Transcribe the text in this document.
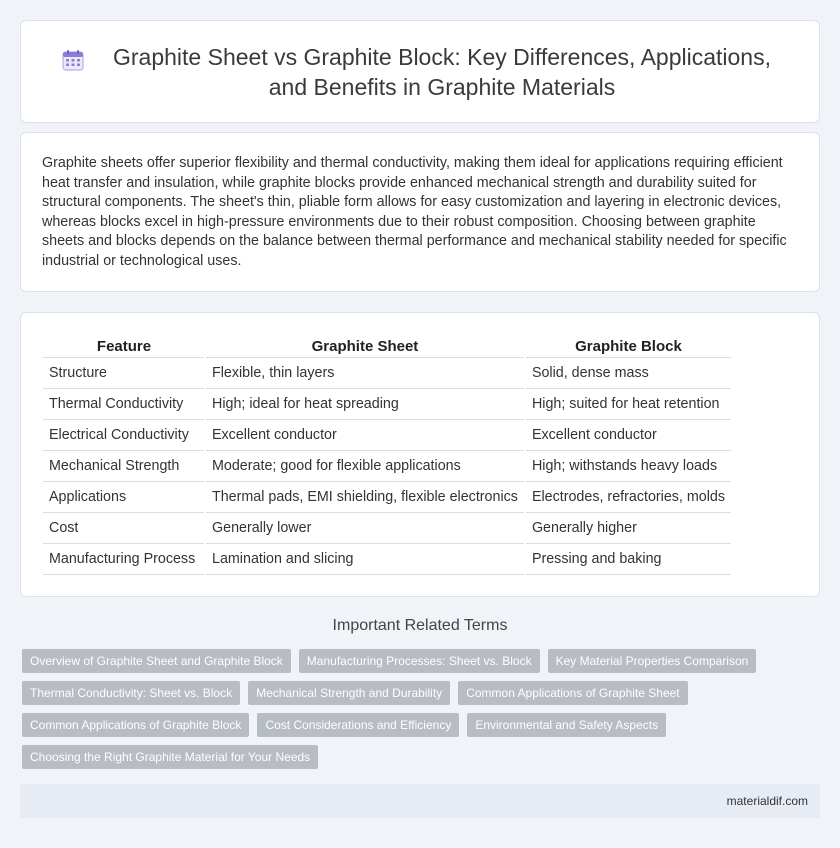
Graphite Sheet vs Graphite Block: Key Differences, Applications, and Benefits in Graphite Materials

Graphite sheets offer superior flexibility and thermal conductivity, making them ideal for applications requiring efficient heat transfer and insulation, while graphite blocks provide enhanced mechanical strength and durability suited for structural components. The sheet's thin, pliable form allows for easy customization and layering in electronic devices, whereas blocks excel in high-pressure environments due to their robust composition. Choosing between graphite sheets and blocks depends on the balance between thermal performance and mechanical stability needed for specific industrial or technological uses.

Feature	Graphite Sheet	Graphite Block
Structure	Flexible, thin layers	Solid, dense mass
Thermal Conductivity	High; ideal for heat spreading	High; suited for heat retention
Electrical Conductivity	Excellent conductor	Excellent conductor
Mechanical Strength	Moderate; good for flexible applications	High; withstands heavy loads
Applications	Thermal pads, EMI shielding, flexible electronics	Electrodes, refractories, molds
Cost	Generally lower	Generally higher
Manufacturing Process	Lamination and slicing	Pressing and baking
Important Related Terms
Overview of Graphite Sheet and Graphite Block	Manufacturing Processes: Sheet vs. Block	Key Material Properties Comparison
Thermal Conductivity: Sheet vs. Block	Mechanical Strength and Durability	Common Applications of Graphite Sheet
Common Applications of Graphite Block	Cost Considerations and Efficiency	Environmental and Safety Aspects
Choosing the Right Graphite Material for Your Needs
materialdif.com
